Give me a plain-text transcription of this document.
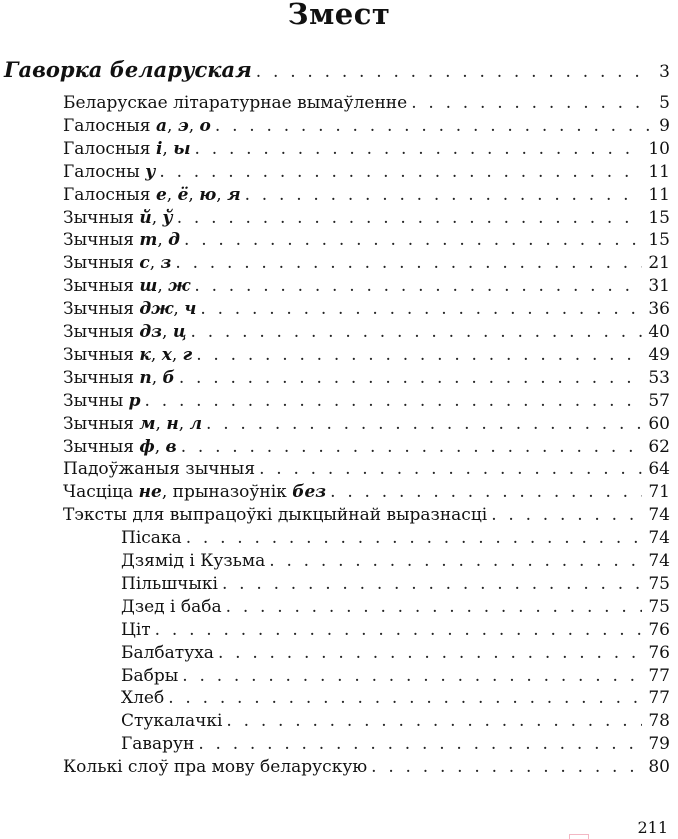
Змест
Гаворка беларуская . . .	3
Беларускае літаратурнае вымаўленне . . .	5
Галосныя а, э, о . . .	9
Галосныя і, ы . . .	10
Галосны у . . .	11
Галосныя е, ё, ю, я . . .	11
Зычныя й, ў . . .	15
Зычныя т, д . . .	15
Зычныя с, з . . .	21
Зычныя ш, ж . . .	31
Зычныя дж, ч . . .	36
Зычныя дз, ц . . .	40
Зычныя к, х, г . . .	49
Зычныя п, б . . .	53
Зычны р . . .	57
Зычныя м, н, л . . .	60
Зычныя ф, в . . .	62
Падоўжаныя зычныя . . .	64
Часціца не, прыназоўнік без . . .	71
Тэксты для выпрацоўкі дыкцыйнай выразнасці . . .	74
Пісака . . .	74
Дзямід і Кузьма . . .	74
Пільшчыкі . . .	75
Дзед і баба . . .	75
Ціт . . .	76
Балбатуха . . .	76
Бабры . . .	77
Хлеб . . .	77
Стукалачкі . . .	78
Гаварун . . .	79
Колькі слоў пра мову беларускую . . .	80
211
